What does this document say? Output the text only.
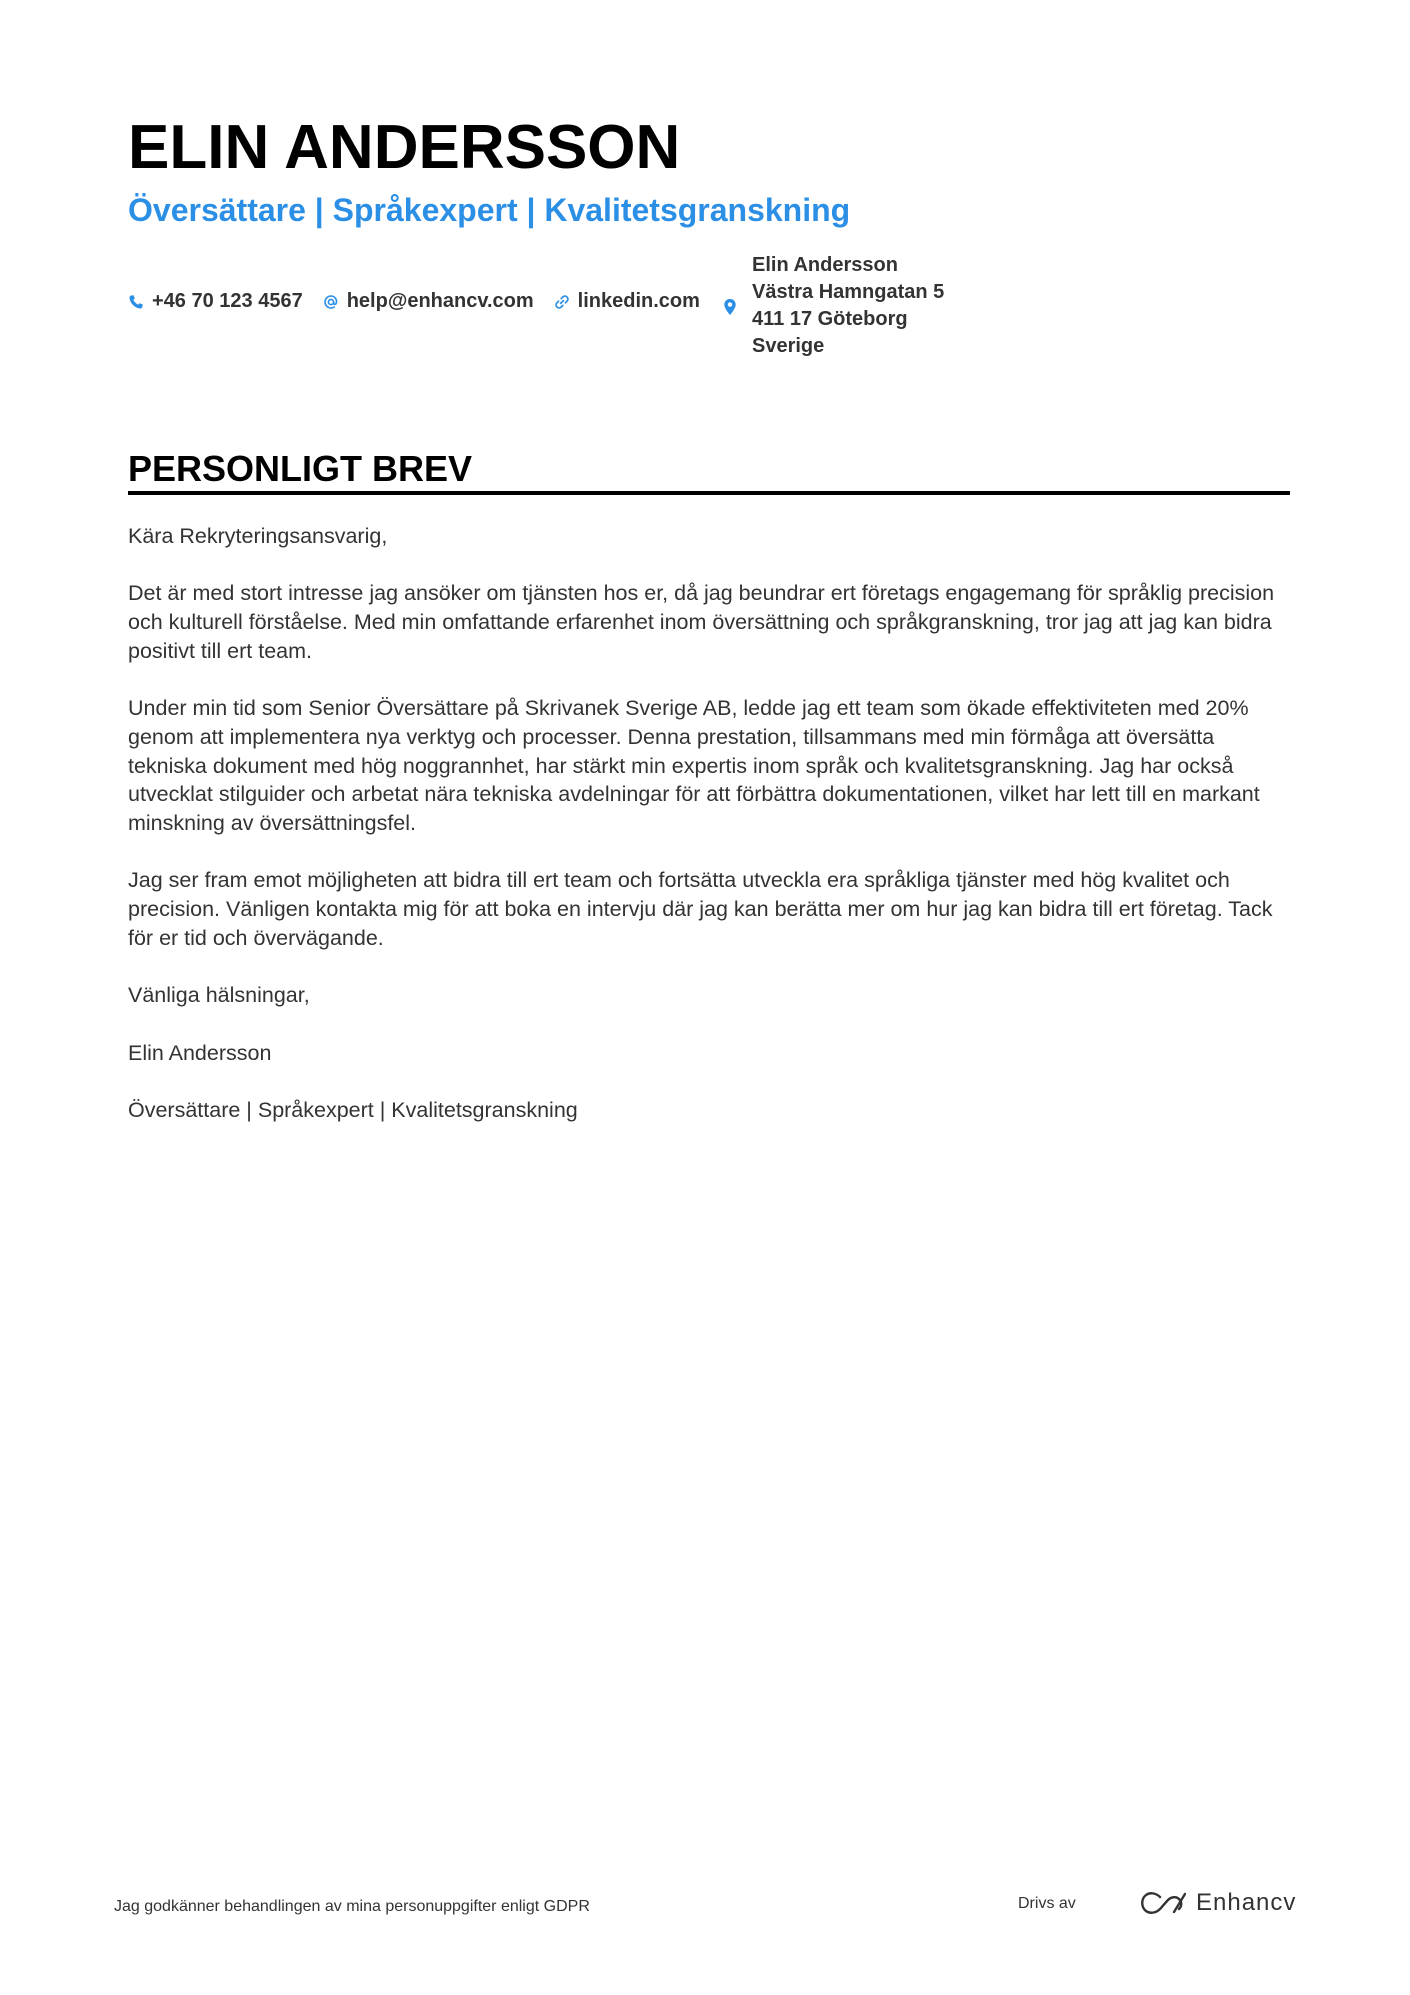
ELIN ANDERSSON
Översättare | Språkexpert | Kvalitetsgranskning
+46 70 123 4567 help@enhancv.com linkedin.com
Elin Andersson
Västra Hamngatan 5
411 17 Göteborg
Sverige
PERSONLIGT BREV

Kära Rekryteringsansvarig,

Det är med stort intresse jag ansöker om tjänsten hos er, då jag beundrar ert företags engagemang för språklig precision och kulturell förståelse. Med min omfattande erfarenhet inom översättning och språkgranskning, tror jag att jag kan bidra positivt till ert team.

Under min tid som Senior Översättare på Skrivanek Sverige AB, ledde jag ett team som ökade effektiviteten med 20% genom att implementera nya verktyg och processer. Denna prestation, tillsammans med min förmåga att översätta tekniska dokument med hög noggrannhet, har stärkt min expertis inom språk och kvalitetsgranskning. Jag har också utvecklat stilguider och arbetat nära tekniska avdelningar för att förbättra dokumentationen, vilket har lett till en markant minskning av översättningsfel.

Jag ser fram emot möjligheten att bidra till ert team och fortsätta utveckla era språkliga tjänster med hög kvalitet och precision. Vänligen kontakta mig för att boka en intervju där jag kan berätta mer om hur jag kan bidra till ert företag. Tack för er tid och övervägande.

Vänliga hälsningar,

Elin Andersson

Översättare | Språkexpert | Kvalitetsgranskning

Jag godkänner behandlingen av mina personuppgifter enligt GDPR	Drivs av	Enhancv
